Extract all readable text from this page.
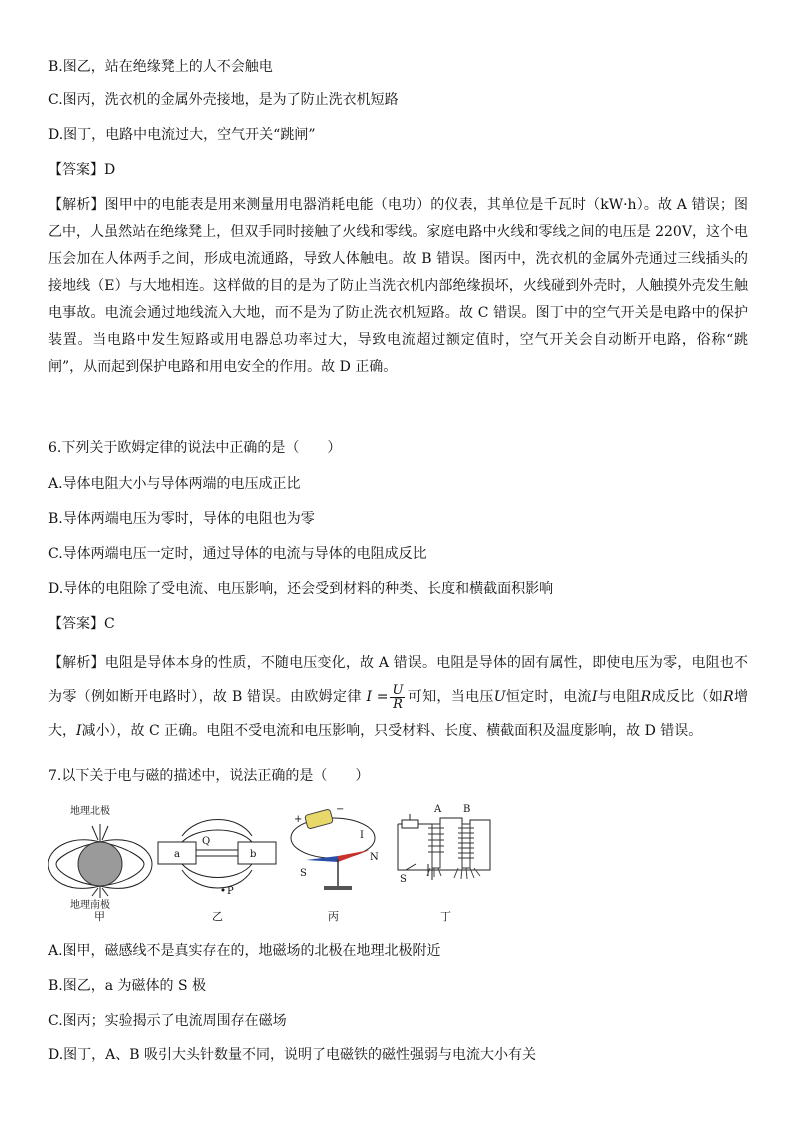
B.图乙，站在绝缘凳上的人不会触电
C.图丙，洗衣机的金属外壳接地，是为了防止洗衣机短路
D.图丁，电路中电流过大，空气开关“跳闸”
【答案】D
【解析】图甲中的电能表是用来测量用电器消耗电能（电功）的仪表，其单位是千瓦时（kW·h）。故 A 错误；图乙中，人虽然站在绝缘凳上，但双手同时接触了火线和零线。家庭电路中火线和零线之间的电压是 220V，这个电压会加在人体两手之间，形成电流通路，导致人体触电。故 B 错误。图丙中，洗衣机的金属外壳通过三线插头的接地线（E）与大地相连。这样做的目的是为了防止当洗衣机内部绝缘损坏，火线碰到外壳时，人触摸外壳发生触电事故。电流会通过地线流入大地，而不是为了防止洗衣机短路。故 C 错误。图丁中的空气开关是电路中的保护装置。当电路中发生短路或用电器总功率过大，导致电流超过额定值时，空气开关会自动断开电路，俗称“跳闸”，从而起到保护电路和用电安全的作用。故 D 正确。
6.下列关于欧姆定律的说法中正确的是（　　）
A.导体电阻大小与导体两端的电压成正比
B.导体两端电压为零时，导体的电阻也为零
C.导体两端电压一定时，通过导体的电流与导体的电阻成反比
D.导体的电阻除了受电流、电压影响，还会受到材料的种类、长度和横截面积影响
【答案】C
【解析】电阻是导体本身的性质，不随电压变化，故 A 错误。电阻是导体的固有属性，即使电压为零，电阻也不为零（例如断开电路时），故 B 错误。由欧姆定律 $I = \frac{U}{R}$ 可知，当电压U恒定时，电流I与电阻R成反比（如R增大，I减小），故 C 正确。电阻不受电流和电压影响，只受材料、长度、横截面积及温度影响，故 D 错误。
7.以下关于电与磁的描述中，说法正确的是（　　）
地理北极
地理南极
甲
a	b
Q
P
乙
+
−
I
S
N
丙
S
A B
丁
A.图甲，磁感线不是真实存在的，地磁场的北极在地理北极附近
B.图乙，a 为磁体的 S 极
C.图丙；实验揭示了电流周围存在磁场
D.图丁，A、B 吸引大头针数量不同，说明了电磁铁的磁性强弱与电流大小有关
